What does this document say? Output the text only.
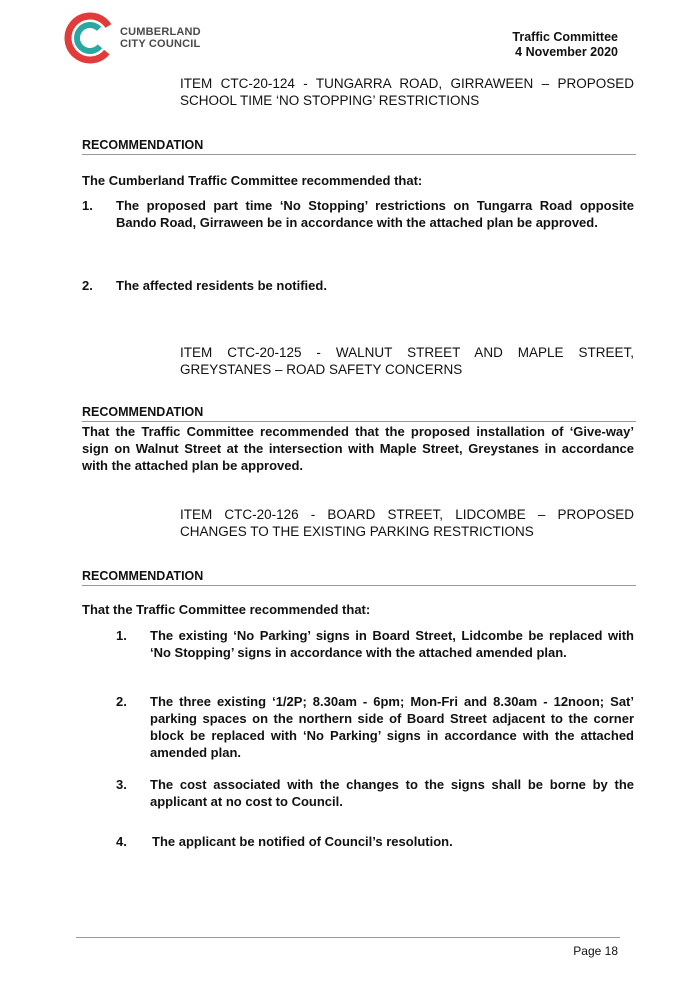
CUMBERLAND
CITY COUNCIL	Traffic Committee
4 November 2020
ITEM CTC-20-124 - TUNGARRA ROAD, GIRRAWEEN – PROPOSED SCHOOL TIME ‘NO STOPPING’ RESTRICTIONS
RECOMMENDATION
The Cumberland Traffic Committee recommended that:
1.	The proposed part time ‘No Stopping’ restrictions on Tungarra Road opposite Bando Road, Girraween be in accordance with the attached plan be approved.
2.	The affected residents be notified.
ITEM CTC-20-125 - WALNUT STREET AND MAPLE STREET, GREYSTANES – ROAD SAFETY CONCERNS
RECOMMENDATION
That the Traffic Committee recommended that the proposed installation of ‘Give-way’ sign on Walnut Street at the intersection with Maple Street, Greystanes in accordance with the attached plan be approved.
ITEM CTC-20-126 - BOARD STREET, LIDCOMBE – PROPOSED CHANGES TO THE EXISTING PARKING RESTRICTIONS
RECOMMENDATION
That the Traffic Committee recommended that:
1.	The existing ‘No Parking’ signs in Board Street, Lidcombe be replaced with ‘No Stopping’ signs in accordance with the attached amended plan.
2.	The three existing ‘1/2P; 8.30am - 6pm; Mon-Fri and 8.30am - 12noon; Sat’ parking spaces on the northern side of Board Street adjacent to the corner block be replaced with ‘No Parking’ signs in accordance with the attached amended plan.
3.	The cost associated with the changes to the signs shall be borne by the applicant at no cost to Council.
4.	The applicant be notified of Council’s resolution.
Page 18
